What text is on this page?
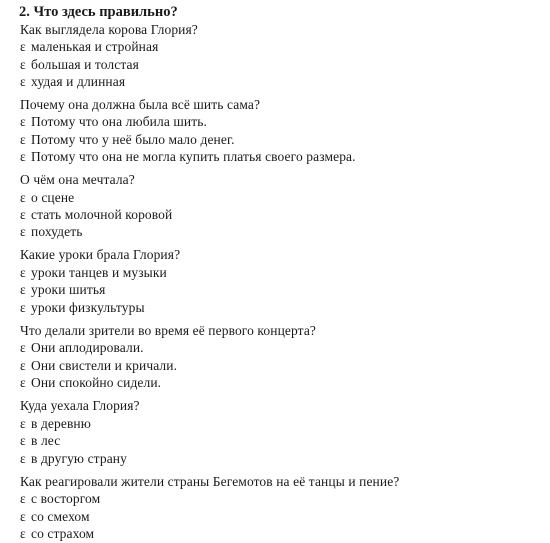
2. Что здесь правильно?
Как выглядела корова Глория?
ε маленькая и стройная
ε большая и толстая
ε худая и длинная
Почему она должна была всё шить сама?
ε Потому что она любила шить.
ε Потому что у неё было мало денег.
ε Потому что она не могла купить платья своего размера.
О чём она мечтала?
ε о сцене
ε стать молочной коровой
ε похудеть
Какие уроки брала Глория?
ε уроки танцев и музыки
ε уроки шитья
ε уроки физкультуры
Что делали зрители во время её первого концерта?
ε Они аплодировали.
ε Они свистели и кричали.
ε Они спокойно сидели.
Куда уехала Глория?
ε в деревню
ε в лес
ε в другую страну
Как реагировали жители страны Бегемотов на её танцы и пение?
ε с восторгом
ε со смехом
ε со страхом
